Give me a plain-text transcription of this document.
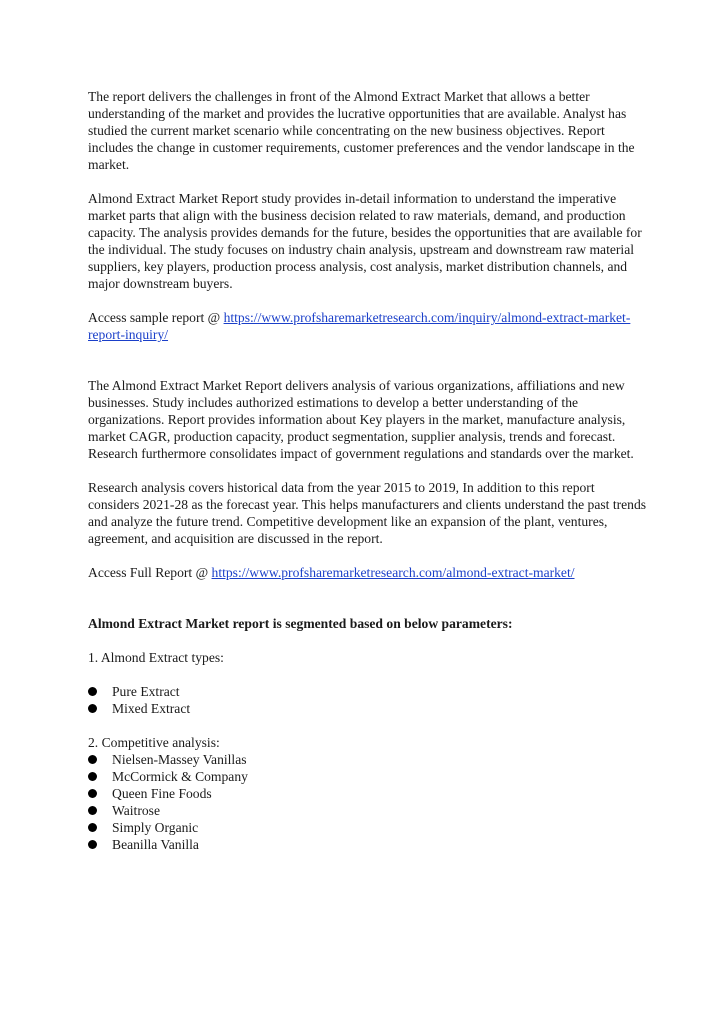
The report delivers the challenges in front of the Almond Extract Market that allows a better understanding of the market and provides the lucrative opportunities that are available. Analyst has studied the current market scenario while concentrating on the new business objectives. Report includes the change in customer requirements, customer preferences and the vendor landscape in the market.

Almond Extract Market Report study provides in-detail information to understand the imperative market parts that align with the business decision related to raw materials, demand, and production capacity. The analysis provides demands for the future, besides the opportunities that are available for the individual. The study focuses on industry chain analysis, upstream and downstream raw material suppliers, key players, production process analysis, cost analysis, market distribution channels, and major downstream buyers.

Access sample report @ https://www.profsharemarketresearch.com/inquiry/almond-extract-market-report-inquiry/

The Almond Extract Market Report delivers analysis of various organizations, affiliations and new businesses. Study includes authorized estimations to develop a better understanding of the organizations. Report provides information about Key players in the market, manufacture analysis, market CAGR, production capacity, product segmentation, supplier analysis, trends and forecast. Research furthermore consolidates impact of government regulations and standards over the market.

Research analysis covers historical data from the year 2015 to 2019, In addition to this report considers 2021-28 as the forecast year. This helps manufacturers and clients understand the past trends and analyze the future trend. Competitive development like an expansion of the plant, ventures, agreement, and acquisition are discussed in the report.

Access Full Report @ https://www.profsharemarketresearch.com/almond-extract-market/

Almond Extract Market report is segmented based on below parameters:

1. Almond Extract types:

Pure Extract
Mixed Extract

2. Competitive analysis:

Nielsen-Massey Vanillas
McCormick & Company
Queen Fine Foods
Waitrose
Simply Organic
Beanilla Vanilla
